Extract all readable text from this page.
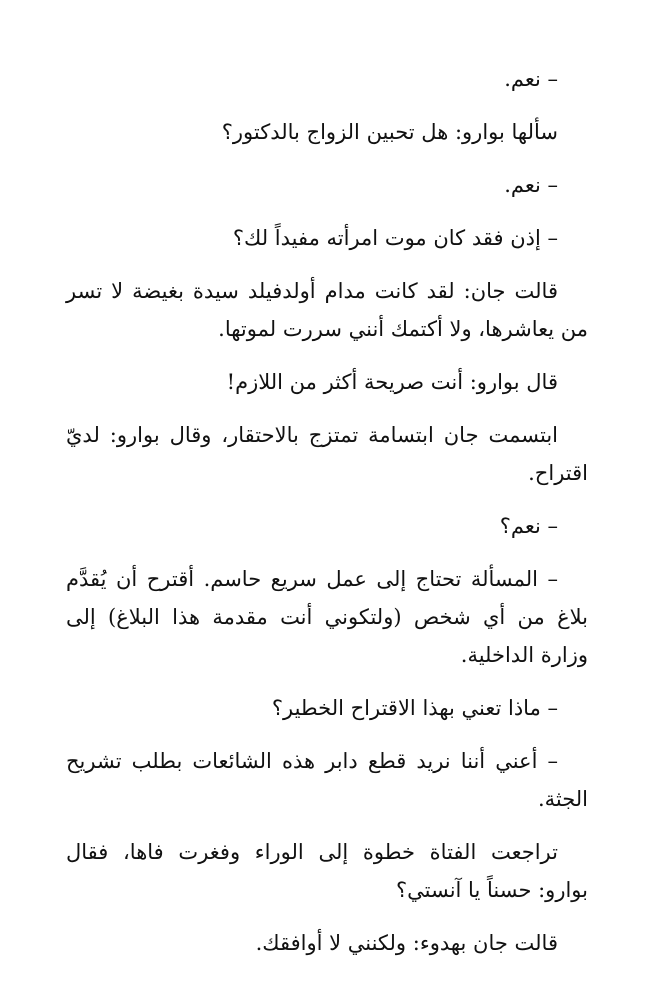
– نعم.

سألها بوارو: هل تحبين الزواج بالدكتور؟

– نعم.

– إذن فقد كان موت امرأته مفيداً لك؟

قالت جان: لقد كانت مدام أولدفيلد سيدة بغيضة لا تسر من يعاشرها، ولا أكتمك أنني سررت لموتها.

قال بوارو: أنت صريحة أكثر من اللازم!

ابتسمت جان ابتسامة تمتزج بالاحتقار، وقال بوارو: لديّ اقتراح.

– نعم؟

– المسألة تحتاج إلى عمل سريع حاسم. أقترح أن يُقدَّم بلاغ من أي شخص (ولتكوني أنت مقدمة هذا البلاغ) إلى وزارة الداخلية.

– ماذا تعني بهذا الاقتراح الخطير؟

– أعني أننا نريد قطع دابر هذه الشائعات بطلب تشريح الجثة.

تراجعت الفتاة خطوة إلى الوراء وفغرت فاها، فقال بوارو: حسناً يا آنستي؟

قالت جان بهدوء: ولكنني لا أوافقك.
